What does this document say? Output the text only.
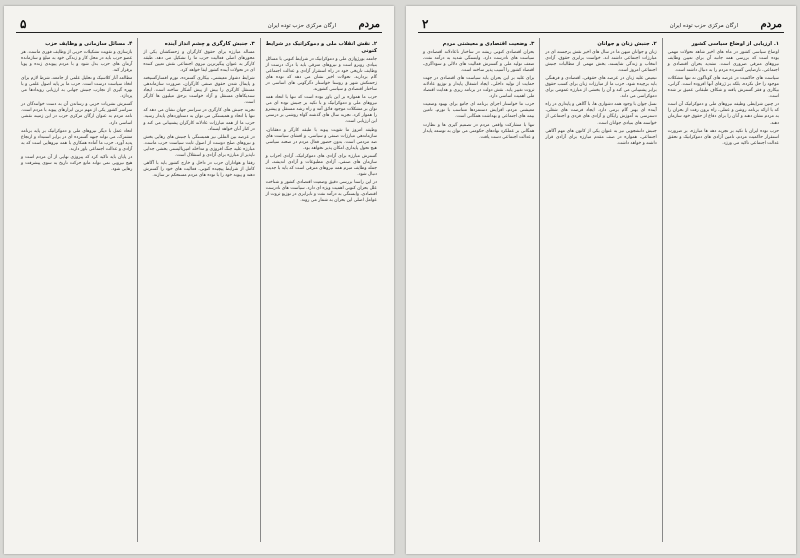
۵	ارگان مرکزی حزب توده ایران مردم

۲. نقش انقلاب ملی و دموکراتیک در شرایط کنونی

جامعه بورژوازی ملی و دموکراتیک در شرایط کنونی با مسائل بنیادی روبرو است و نیروهای مترقی باید با درک درست از وظایف تاریخی خود در راه استقرار آزادی و عدالت اجتماعی گام بردارند. تحولات اخیر نشان می دهد که توده های زحمتکش شهر و روستا خواستار دگرگونی های اساسی در ساختار اقتصادی و سیاسی کشورند.

حزب ما همواره بر این باور بوده است که تنها با اتحاد همه نیروهای ملی و دموکراتیک و با تکیه بر جنبش توده ای می توان بر مشکلات موجود فائق آمد و راه رشد مستقل و پیشرو را هموار کرد. تجربه سال های گذشته گواه روشنی بر درستی این ارزیابی است.

وظیفه امروز ما تقویت پیوند با طبقه کارگر و دهقانان، سازماندهی مبارزات صنفی و سیاسی، و افشای سیاست های ضد مردمی است. بدون حضور فعال مردم در صحنه سیاسی هیچ تحول پایداری امکان پذیر نخواهد بود.

گسترش مبارزه برای آزادی های دموکراتیک، آزادی احزاب و سازمان های صنفی، آزادی مطبوعات و آزادی اندیشه، از جمله وظایف مبرم همه نیروهای مترقی است که باید با جدیت دنبال شود.

در این راستا بررسی دقیق وضعیت اقتصادی کشور و شناخت علل بحران کنونی اهمیت ویژه ای دارد. سیاست های نادرست اقتصادی، وابستگی به درآمد نفت و نابرابری در توزیع ثروت از عوامل اصلی این بحران به شمار می روند.

۳. جنبش کارگری و چشم انداز آینده

مساله مبارزه برای حقوق کارگران و زحمتکشان یکی از محورهای اصلی فعالیت حزب ما را تشکیل می دهد. طبقه کارگر به عنوان پیگیرترین نیروی اجتماعی نقش تعیین کننده ای در تحولات آینده کشور ایفا خواهد کرد.

شرایط دشوار معیشتی، بیکاری گسترده، تورم افسارگسیخته و پایمال شدن حقوق صنفی کارگران، ضرورت سازماندهی مستقل کارگری را بیش از پیش آشکار ساخته است. ایجاد سندیکاهای مستقل و آزاد خواست برحق میلیون ها کارگر است.

تجربه جنبش های کارگری در سراسر جهان نشان می دهد که تنها با اتحاد و همبستگی می توان به دستاوردهای پایدار رسید. حزب ما از همه مبارزات عادلانه کارگران پشتیبانی می کند و در کنار آنان خواهد ایستاد.

در عرصه بین المللی نیز همبستگی با جنبش های رهایی بخش و نیروهای صلح دوست از اصول ثابت سیاست حزب ماست. مبارزه علیه جنگ افروزی و مداخله امپریالیستی بخشی جدایی ناپذیر از مبارزه برای آزادی و استقلال است.

رفقا و هواداران حزب در داخل و خارج کشور باید با آگاهی کامل از شرایط پیچیده کنونی، فعالیت های خود را گسترش دهند و پیوند خود را با توده های مردم مستحکم تر سازند.

۴. مسائل سازمانی و وظایف حزب

بازسازی و تقویت تشکیلات حزبی از وظایف فوری ماست. هر عضو حزب باید در محل کار و زندگی خود به مبلغ و سازمانده آرمان های حزب بدل شود و با مردم پیوندی زنده و پویا برقرار کند.

مطالعه آثار کلاسیک و تحلیل علمی از جامعه، شرط لازم برای اتخاذ سیاست درست است. حزب ما بر پایه اصول علمی و با بهره گیری از تجارب جنبش جهانی به ارزیابی رویدادها می پردازد.

گسترش نشریات حزبی و رساندن آن به دست خوانندگان در سراسر کشور یکی از مهم ترین ابزارهای پیوند با مردم است. نامه مردم به عنوان ارگان مرکزی حزب در این زمینه نقشی اساسی دارد.

اتحاد عمل با دیگر نیروهای ملی و دموکراتیک بر پایه برنامه مشترک، می تواند جبهه گسترده ای در برابر استبداد و ارتجاع پدید آورد. حزب ما آماده همکاری با همه نیروهایی است که به آزادی و عدالت اجتماعی باور دارند.

در پایان باید تاکید کرد که پیروزی نهایی از آن مردم است و هیچ نیرویی نمی تواند مانع حرکت تاریخ به سوی پیشرفت و رهایی شود.

۲	ارگان مرکزی حزب توده ایران مردم

۱. ارزیابی از اوضاع سیاسی کشور

اوضاع سیاسی کشور در ماه های اخیر شاهد تحولات مهمی بوده است که بررسی همه جانبه آن برای تعیین وظایف نیروهای مترقی ضروری است. تشدید بحران اقتصادی و اجتماعی، نارضایتی گسترده مردم را به دنبال داشته است.

سیاست های حاکمیت در عرصه های گوناگون نه تنها مشکلات موجود را حل نکرده، بلکه بر ژرفای آنها افزوده است. گرانی، بیکاری و فقر گسترش یافته و شکاف طبقاتی عمیق تر شده است.

در چنین شرایطی وظیفه نیروهای ملی و دموکراتیک آن است که با ارائه برنامه روشن و عملی، راه برون رفت از بحران را به مردم نشان دهند و آنان را برای دفاع از حقوق خود سازمان دهند.

حزب توده ایران با تکیه بر تجربه دهه ها مبارزه، بر ضرورت استقرار حاکمیت مردم، تامین آزادی های دموکراتیک و تحقق عدالت اجتماعی تاکید می ورزد.

۲. جنبش زنان و جوانان

زنان و جوانان میهن ما در سال های اخیر نقش برجسته ای در مبارزات اجتماعی داشته اند. خواست برابری حقوق، آزادی انتخاب و زندگی شایسته، بخش مهمی از مطالبات جنبش اجتماعی امروز است.

تبعیض علیه زنان در عرصه های حقوقی، اقتصادی و فرهنگی باید برچیده شود. حزب ما از مبارزات زنان برای کسب حقوق برابر پشتیبانی می کند و آن را بخشی از مبارزه عمومی برای دموکراسی می داند.

نسل جوان با وجود همه دشواری ها، با آگاهی و پایداری در راه آینده ای بهتر گام برمی دارد. ایجاد فرصت های شغلی، دسترسی به آموزش رایگان و آزادی های فردی و اجتماعی از خواسته های بنیادی جوانان است.

جنبش دانشجویی نیز به عنوان یکی از کانون های مهم آگاهی اجتماعی، همواره در صف مقدم مبارزه برای آزادی قرار داشته و خواهد داشت.

۳. وضعیت اقتصادی و معیشتی مردم

بحران اقتصادی کنونی ریشه در ساختار ناعادلانه اقتصادی و سیاست های نادرست دارد. وابستگی شدید به درآمد نفت، ضعف تولید ملی و گسترش فعالیت های دلالی و سوداگری، اقتصاد کشور را آسیب پذیر ساخته است.

برای غلبه بر این بحران باید سیاست های اقتصادی در جهت حمایت از تولید داخلی، ایجاد اشتغال پایدار و توزیع عادلانه ثروت تغییر یابد. نقش دولت در برنامه ریزی و هدایت اقتصاد ملی اهمیت اساسی دارد.

حزب ما خواستار اجرای برنامه ای جامع برای بهبود وضعیت معیشتی مردم، افزایش دستمزدها متناسب با تورم، تامین بیمه های اجتماعی و بهداشت همگانی است.

تنها با مشارکت واقعی مردم در تصمیم گیری ها و نظارت همگانی بر عملکرد نهادهای حکومتی می توان به توسعه پایدار و عدالت اجتماعی دست یافت.
